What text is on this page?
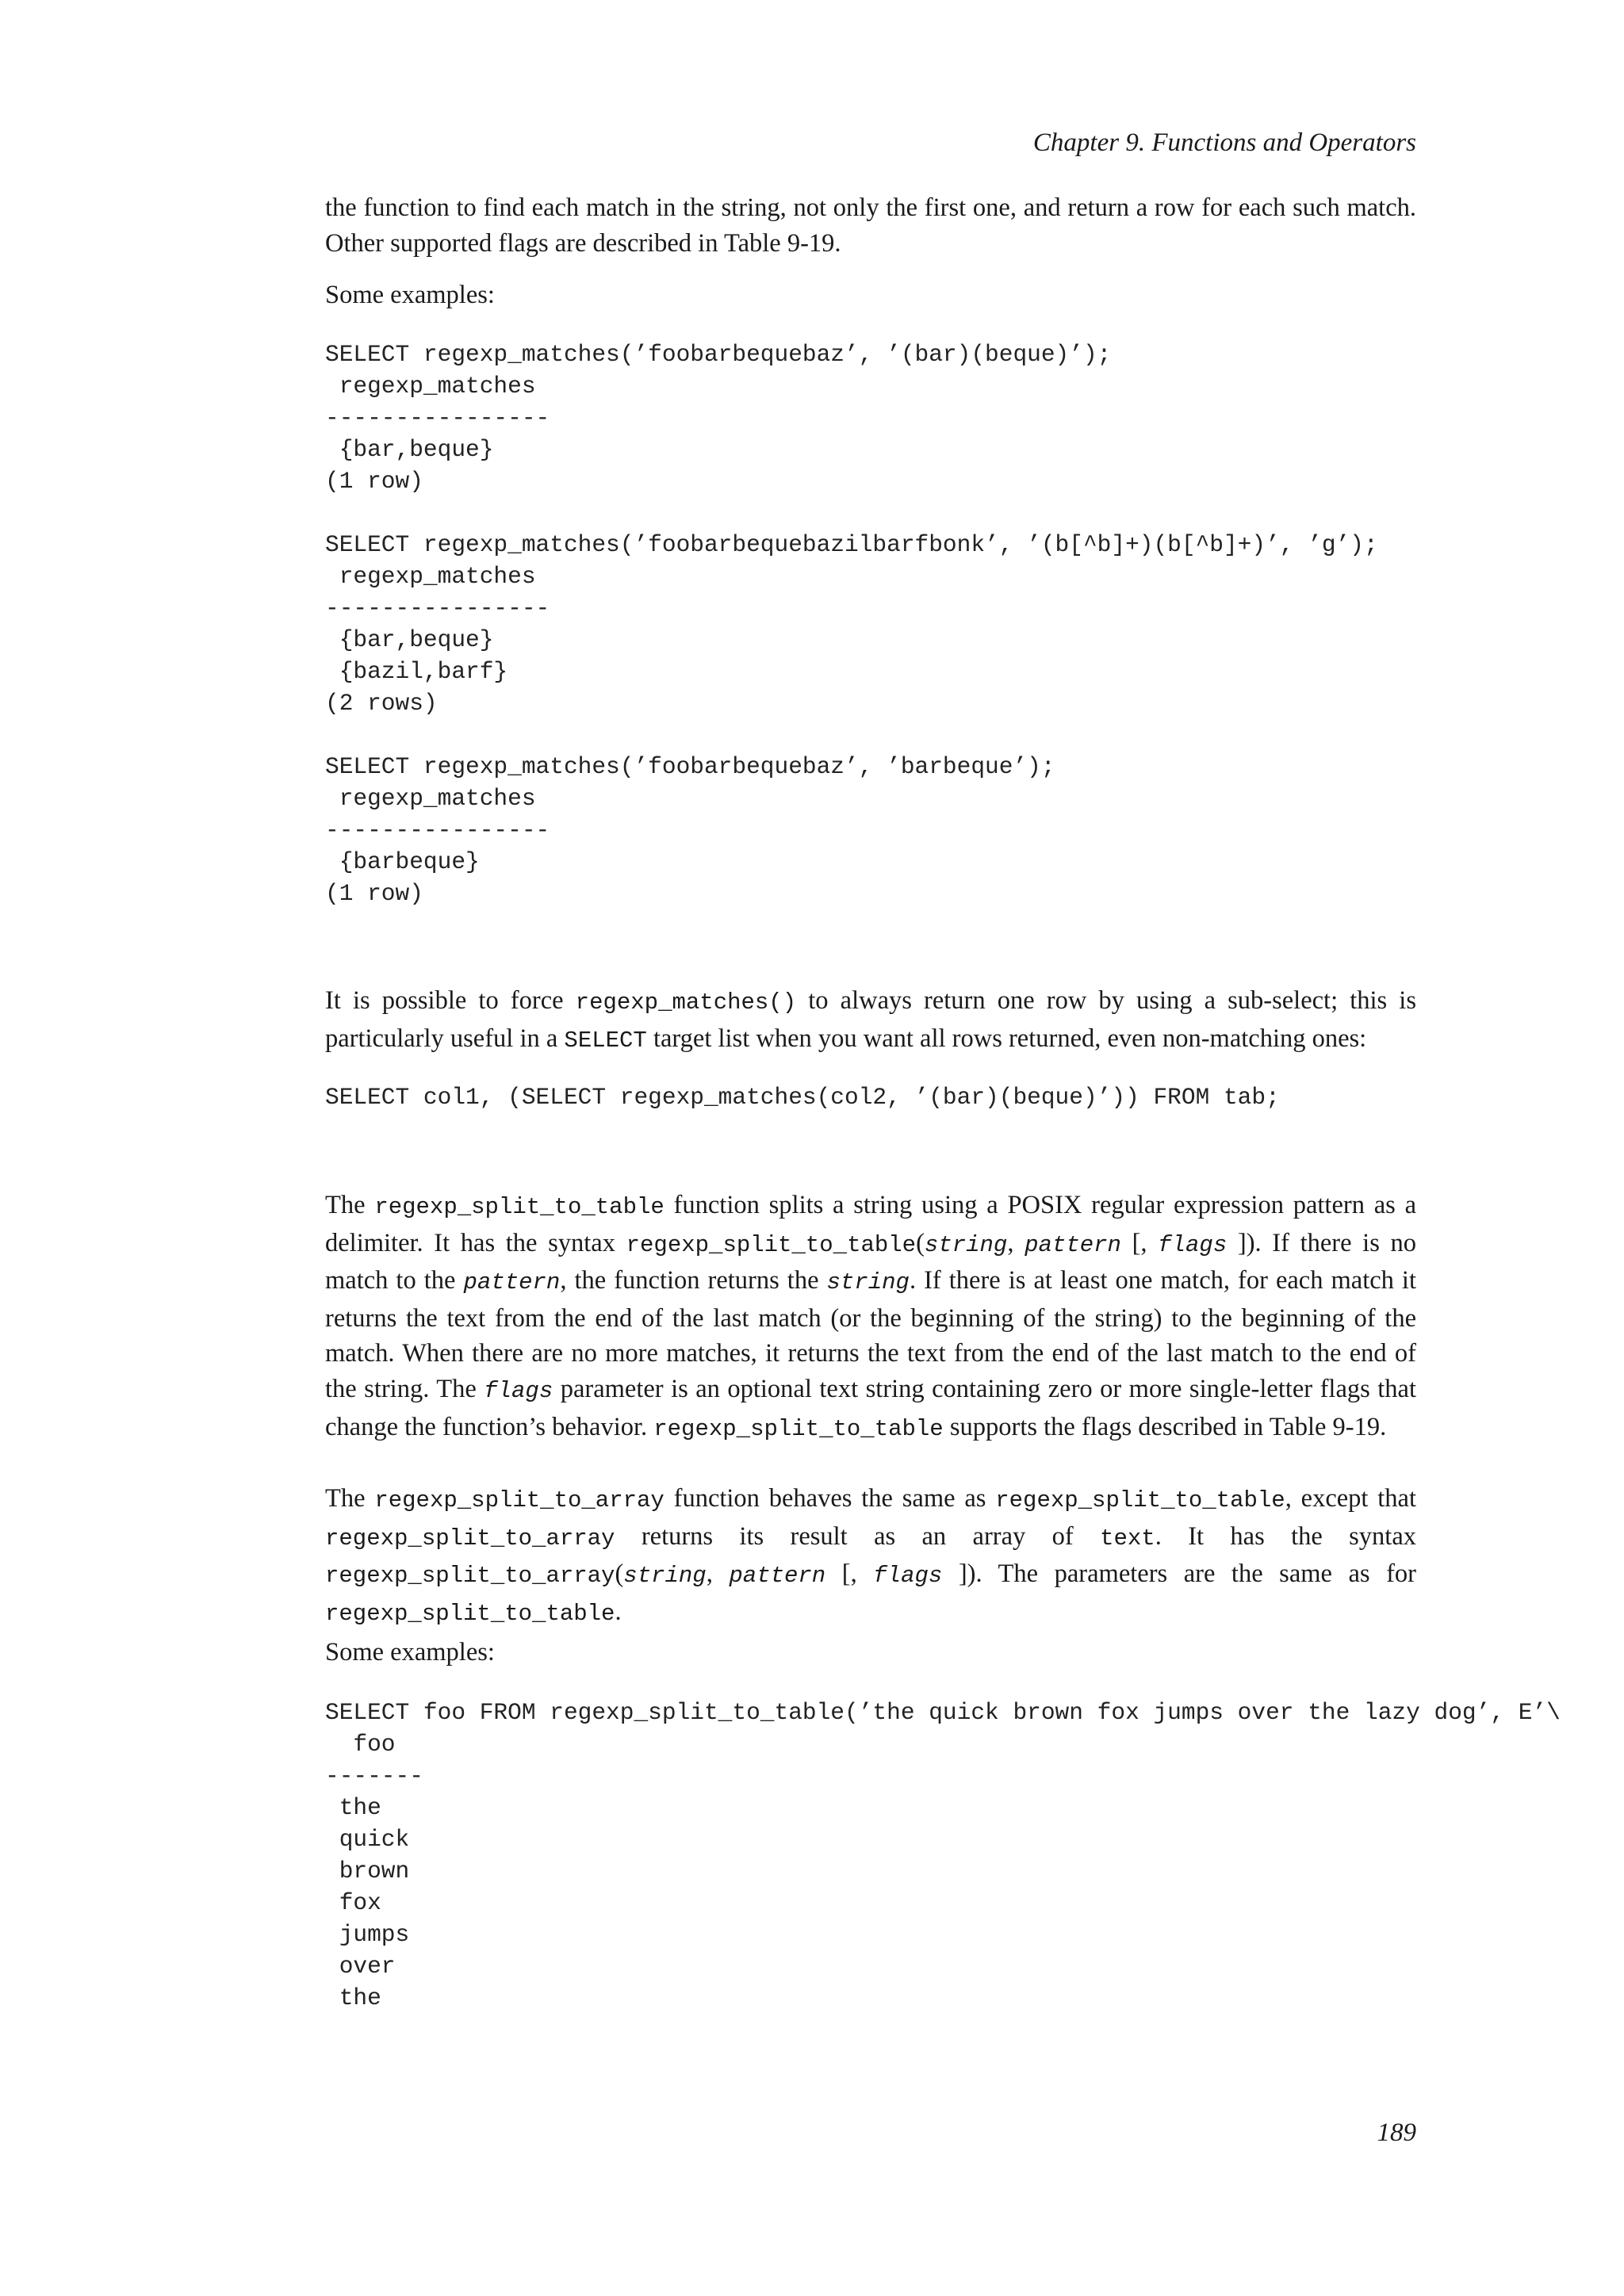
Chapter 9. Functions and Operators
the function to find each match in the string, not only the first one, and return a row for each such match. Other supported flags are described in Table 9-19.
Some examples:
SELECT regexp_matches(’foobarbequebaz’, ’(bar)(beque)’);
regexp_matches
----------------
{bar,beque}
(1 row)

SELECT regexp_matches(’foobarbequebazilbarfbonk’, ’(b[^b]+)(b[^b]+)’, ’g’);
regexp_matches
----------------
{bar,beque}
{bazil,barf}
(2 rows)

SELECT regexp_matches(’foobarbequebaz’, ’barbeque’);
regexp_matches
----------------
{barbeque}
(1 row)
It is possible to force regexp_matches() to always return one row by using a sub-select; this is particularly useful in a SELECT target list when you want all rows returned, even non-matching ones:
SELECT col1, (SELECT regexp_matches(col2, ’(bar)(beque)’)) FROM tab;
The regexp_split_to_table function splits a string using a POSIX regular expression pattern as a delimiter. It has the syntax regexp_split_to_table(string, pattern [, flags ]). If there is no match to the pattern, the function returns the string. If there is at least one match, for each match it returns the text from the end of the last match (or the beginning of the string) to the beginning of the match. When there are no more matches, it returns the text from the end of the last match to the end of the string. The flags parameter is an optional text string containing zero or more single-letter flags that change the function’s behavior. regexp_split_to_table supports the flags described in Table 9-19.
The regexp_split_to_array function behaves the same as regexp_split_to_table, except that regexp_split_to_array returns its result as an array of text. It has the syntax regexp_split_to_array(string, pattern [, flags ]). The parameters are the same as for regexp_split_to_table.
Some examples:
SELECT foo FROM regexp_split_to_table(’the quick brown fox jumps over the lazy dog’, E’\
foo
-------
the
quick
brown
fox
jumps
over
the
189
